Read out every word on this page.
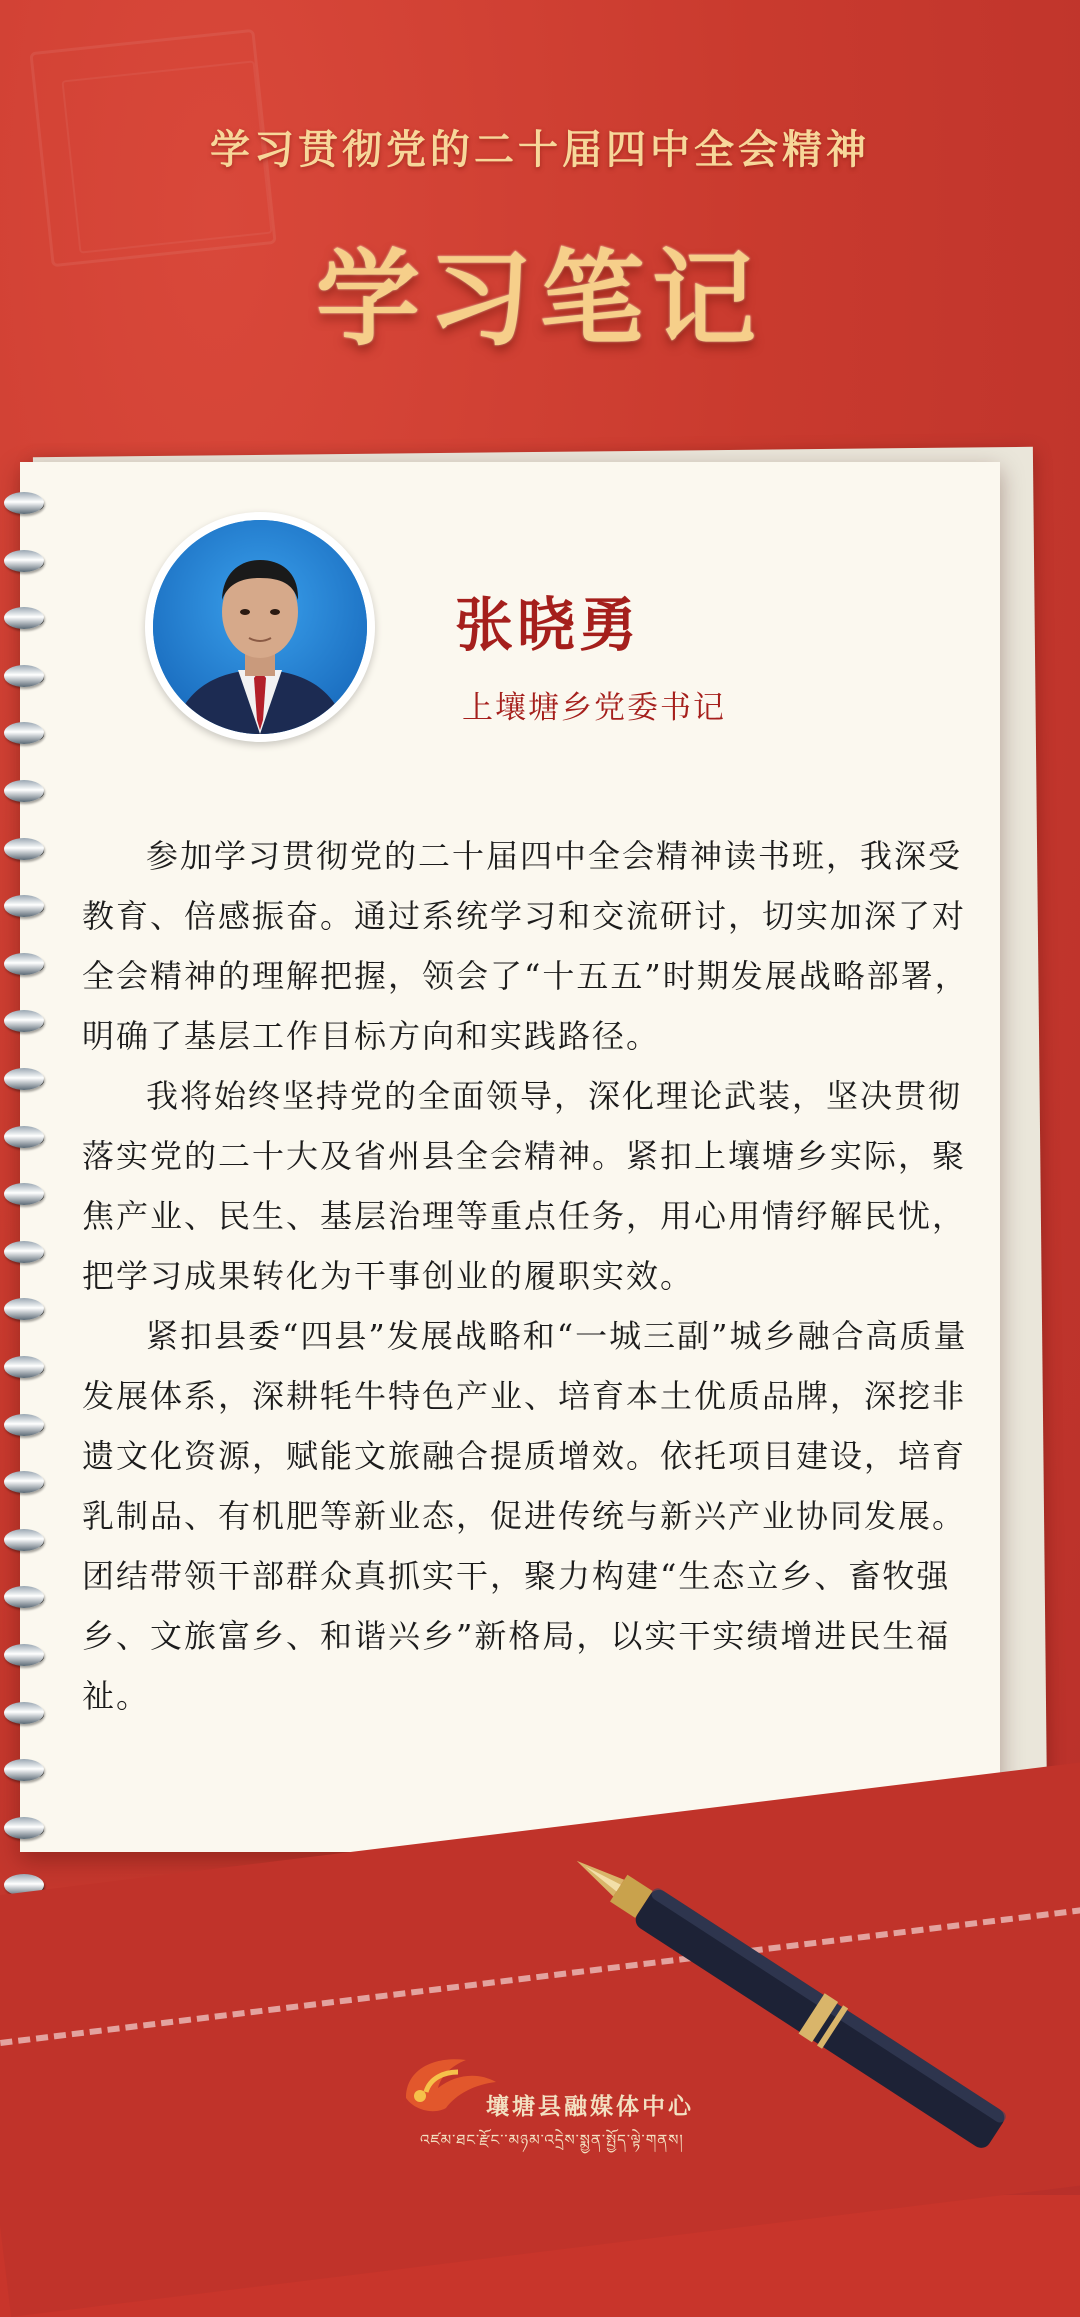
学习贯彻党的二十届四中全会精神
学习笔记
张晓勇
上壤塘乡党委书记

参加学习贯彻党的二十届四中全会精神读书班，我深受教育、倍感振奋。通过系统学习和交流研讨，切实加深了对全会精神的理解把握，领会了“十五五”时期发展战略部署，明确了基层工作目标方向和实践路径。

我将始终坚持党的全面领导，深化理论武装，坚决贯彻落实党的二十大及省州县全会精神。紧扣上壤塘乡实际，聚焦产业、民生、基层治理等重点任务，用心用情纾解民忧，把学习成果转化为干事创业的履职实效。

紧扣县委“四县”发展战略和“一城三副”城乡融合高质量发展体系，深耕牦牛特色产业、培育本土优质品牌，深挖非遗文化资源，赋能文旅融合提质增效。依托项目建设，培育乳制品、有机肥等新业态，促进传统与新兴产业协同发展。团结带领干部群众真抓实干，聚力构建“生态立乡、畜牧强乡、文旅富乡、和谐兴乡”新格局，以实干实绩增进民生福祉。

壤塘县融媒体中心
འཛམ་ཐང་རྫོང་་མཉམ་འདྲེས་སྨྱན་སྤྱོད་ལྟེ་གནས།
